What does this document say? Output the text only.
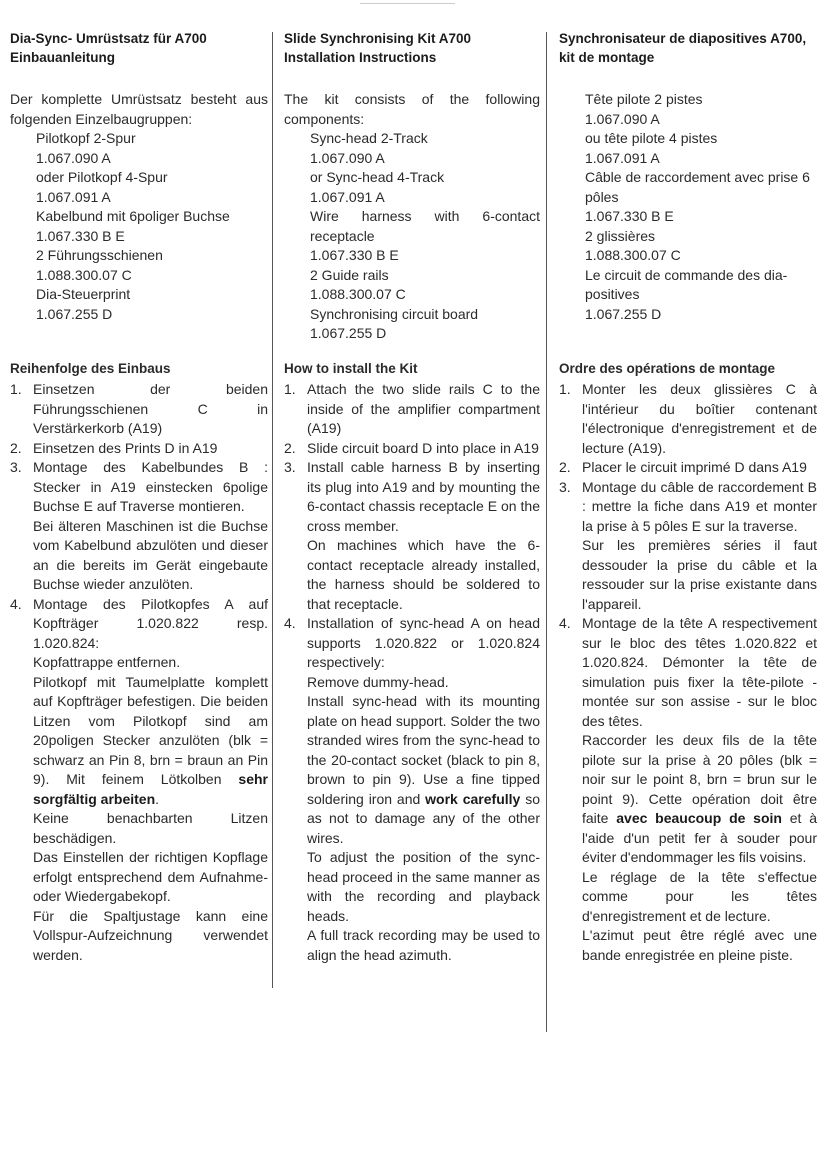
Dia-Sync- Umrüstsatz für A700
Einbauanleitung
Der komplette Umrüstsatz besteht aus folgenden Einzelbaugruppen:
Pilotkopf 2-Spur
1.067.090 A
oder Pilotkopf 4-Spur
1.067.091 A
Kabelbund mit 6poliger Buchse
1.067.330 B E
2 Führungsschienen
1.088.300.07 C
Dia-Steuerprint
1.067.255 D
Reihenfolge des Einbaus
1. Einsetzen der beiden Führungsschienen C in Verstärkerkorb (A19)

2. Einsetzen des Prints D in A19

3. Montage des Kabelbundes B : Stecker in A19 einstecken 6polige Buchse E auf Traverse montieren.

Bei älteren Maschinen ist die Buchse vom Kabelbund abzulöten und dieser an die bereits im Gerät eingebaute Buchse wieder anzulöten.

4. Montage des Pilotkopfes A auf Kopfträger 1.020.822 resp. 1.020.824:

Kopfattrappe entfernen.

Pilotkopf mit Taumelplatte komplett auf Kopfträger befestigen. Die beiden Litzen vom Pilotkopf sind am 20poligen Stecker anzulöten (blk = schwarz an Pin 8, brn = braun an Pin 9). Mit feinem Lötkolben sehr sorgfältig arbeiten.

Keine benachbarten Litzen beschädigen.

Das Einstellen der richtigen Kopflage erfolgt entsprechend dem Aufnahme- oder Wiedergabekopf.

Für die Spaltjustage kann eine Vollspur-Aufzeichnung verwendet werden.

Slide Synchronising Kit A700
Installation Instructions
The kit consists of the following components:
Sync-head 2-Track
1.067.090 A
or Sync-head 4-Track
1.067.091 A
Wire harness with 6-contact receptacle
1.067.330 B E
2 Guide rails
1.088.300.07 C
Synchronising circuit board
1.067.255 D
How to install the Kit
1. Attach the two slide rails C to the inside of the amplifier compartment (A19)

2. Slide circuit board D into place in A19

3. Install cable harness B by inserting its plug into A19 and by mounting the 6-contact chassis receptacle E on the cross member.

On machines which have the 6-contact receptacle already installed, the harness should be soldered to that receptacle.

4. Installation of sync-head A on head supports 1.020.822 or 1.020.824 respectively:

Remove dummy-head.

Install sync-head with its mounting plate on head support. Solder the two stranded wires from the sync-head to the 20-contact socket (black to pin 8, brown to pin 9). Use a fine tipped soldering iron and work carefully so as not to damage any of the other wires.

To adjust the position of the sync-head proceed in the same manner as with the recording and playback heads.

A full track recording may be used to align the head azimuth.

Synchronisateur de diapositives A700,
kit de montage
Tête pilote 2 pistes
1.067.090 A
ou tête pilote 4 pistes
1.067.091 A
Câble de raccordement avec prise 6
pôles
1.067.330 B E
2 glissières
1.088.300.07 C
Le circuit de commande des dia-
positives
1.067.255 D
Ordre des opérations de montage
1. Monter les deux glissières C à l'intérieur du boîtier contenant l'électronique d'enregistrement et de lecture (A19).

2. Placer le circuit imprimé D dans A19

3. Montage du câble de raccordement B : mettre la fiche dans A19 et monter la prise à 5 pôles E sur la traverse.

Sur les premières séries il faut dessouder la prise du câble et la ressouder sur la prise existante dans l'appareil.

4. Montage de la tête A respectivement sur le bloc des têtes 1.020.822 et 1.020.824. Démonter la tête de simulation puis fixer la tête-pilote - montée sur son assise - sur le bloc des têtes.

Raccorder les deux fils de la tête pilote sur la prise à 20 pôles (blk = noir sur le point 8, brn = brun sur le point 9). Cette opération doit être faite avec beaucoup de soin et à l'aide d'un petit fer à souder pour éviter d'endommager les fils voisins.

Le réglage de la tête s'effectue comme pour les têtes d'enregistrement et de lecture.

L'azimut peut être réglé avec une bande enregistrée en pleine piste.
